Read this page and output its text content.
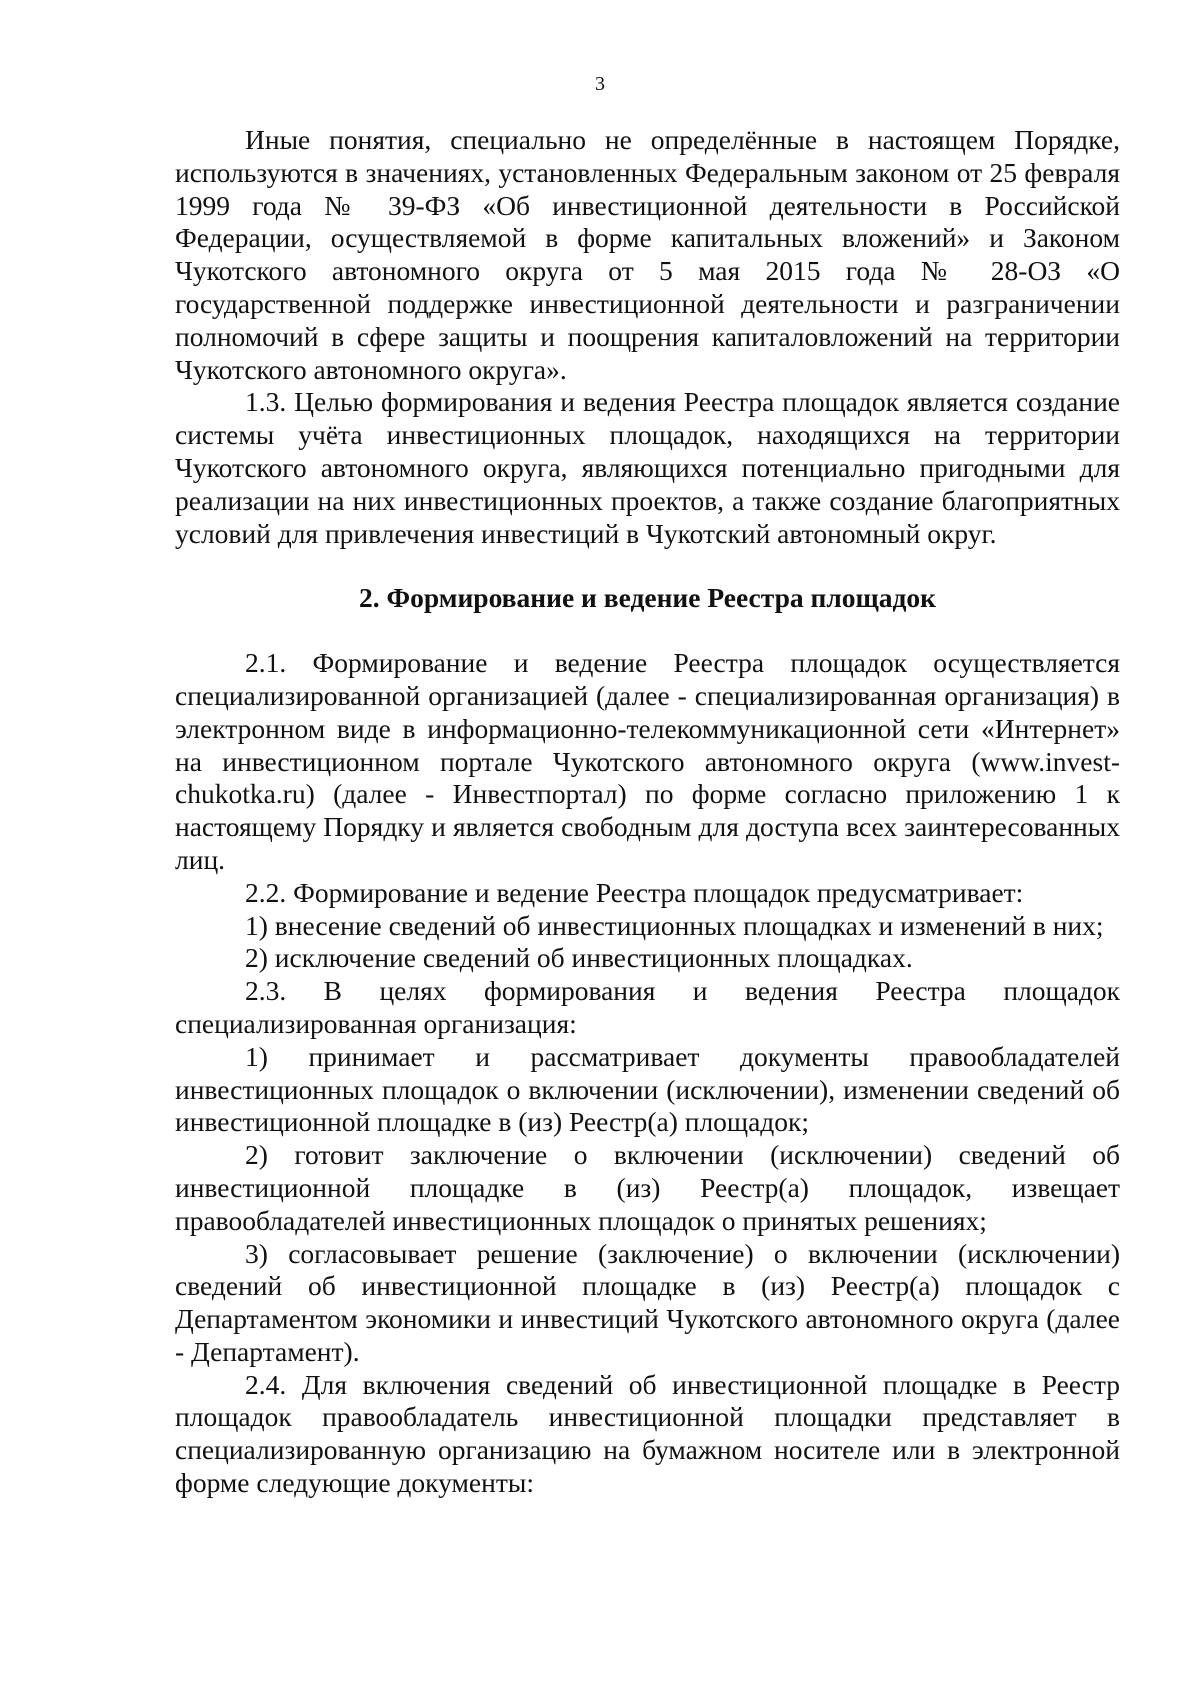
3

Иные понятия, специально не определённые в настоящем Порядке, используются в значениях, установленных Федеральным законом от 25 февраля 1999 года № 39-ФЗ «Об инвестиционной деятельности в Российской Федерации, осуществляемой в форме капитальных вложений» и Законом Чукотского автономного округа от 5 мая 2015 года № 28-ОЗ «О государственной поддержке инвестиционной деятельности и разграничении полномочий в сфере защиты и поощрения капиталовложений на территории Чукотского автономного округа».

1.3. Целью формирования и ведения Реестра площадок является создание системы учёта инвестиционных площадок, находящихся на территории Чукотского автономного округа, являющихся потенциально пригодными для реализации на них инвестиционных проектов, а также создание благоприятных условий для привлечения инвестиций в Чукотский автономный округ.

2. Формирование и ведение Реестра площадок

2.1. Формирование и ведение Реестра площадок осуществляется специализированной организацией (далее - специализированная организация) в электронном виде в информационно-телекоммуникационной сети «Интернет» на инвестиционном портале Чукотского автономного округа (www.invest-chukotka.ru) (далее - Инвестпортал) по форме согласно приложению 1 к настоящему Порядку и является свободным для доступа всех заинтересованных лиц.

2.2. Формирование и ведение Реестра площадок предусматривает:

1) внесение сведений об инвестиционных площадках и изменений в них;

2) исключение сведений об инвестиционных площадках.

2.3. В целях формирования и ведения Реестра площадок специализированная организация:

1) принимает и рассматривает документы правообладателей инвестиционных площадок о включении (исключении), изменении сведений об инвестиционной площадке в (из) Реестр(а) площадок;

2) готовит заключение о включении (исключении) сведений об инвестиционной площадке в (из) Реестр(а) площадок, извещает правообладателей инвестиционных площадок о принятых решениях;

3) согласовывает решение (заключение) о включении (исключении) сведений об инвестиционной площадке в (из) Реестр(а) площадок с Департаментом экономики и инвестиций Чукотского автономного округа (далее - Департамент).

2.4. Для включения сведений об инвестиционной площадке в Реестр площадок правообладатель инвестиционной площадки представляет в специализированную организацию на бумажном носителе или в электронной форме следующие документы:
